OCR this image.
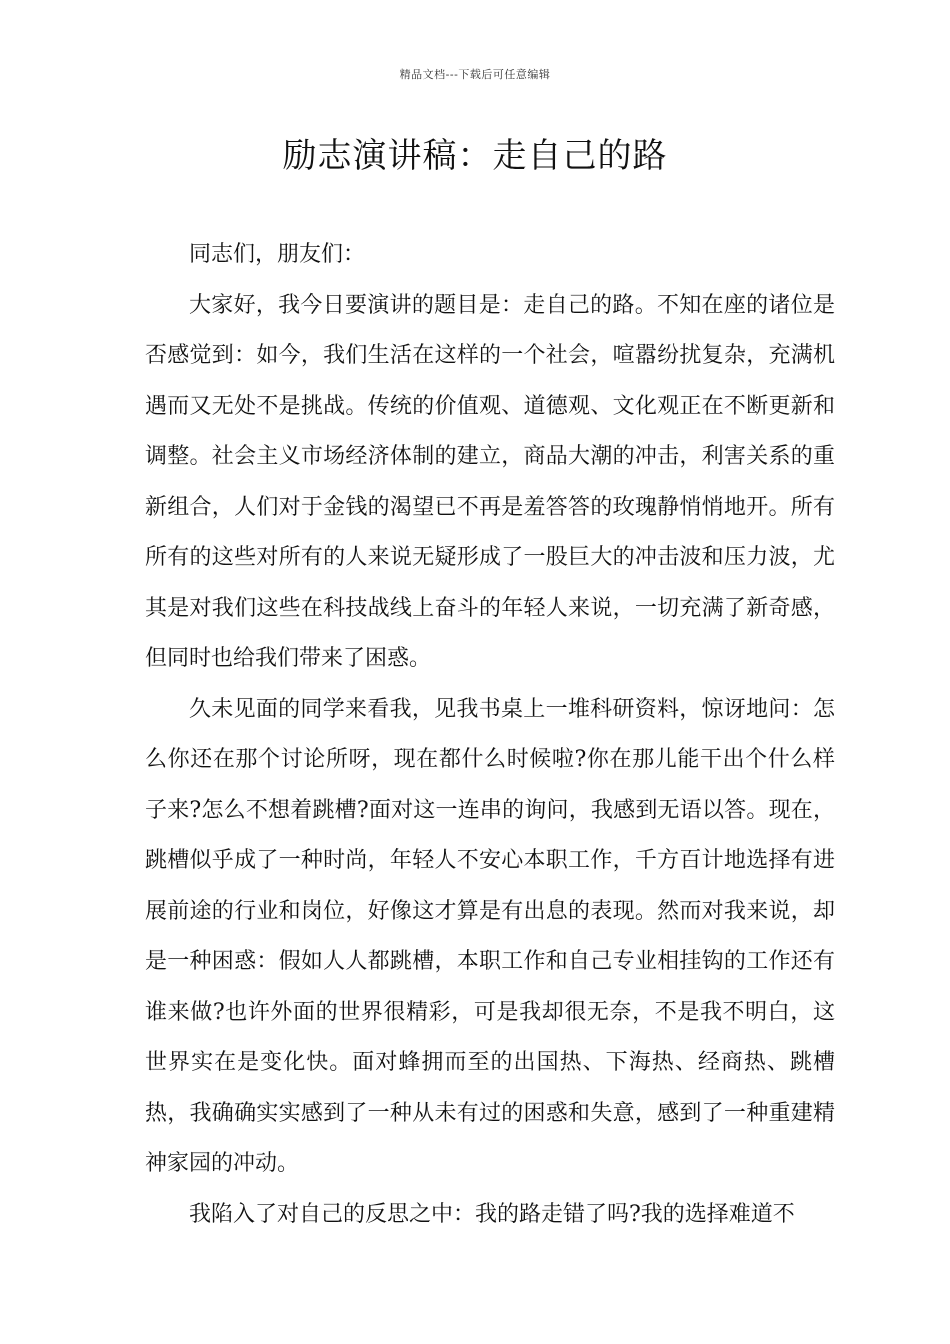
精品文档---下载后可任意编辑
励志演讲稿：走自己的路

同志们，朋友们：

大家好，我今日要演讲的题目是：走自己的路。不知在座的诸位是否感觉到：如今，我们生活在这样的一个社会，喧嚣纷扰复杂，充满机遇而又无处不是挑战。传统的价值观、道德观、文化观正在不断更新和调整。社会主义市场经济体制的建立，商品大潮的冲击，利害关系的重新组合，人们对于金钱的渴望已不再是羞答答的玫瑰静悄悄地开。所有所有的这些对所有的人来说无疑形成了一股巨大的冲击波和压力波，尤其是对我们这些在科技战线上奋斗的年轻人来说，一切充满了新奇感，但同时也给我们带来了困惑。

久未见面的同学来看我，见我书桌上一堆科研资料，惊讶地问：怎么你还在那个讨论所呀，现在都什么时候啦?你在那儿能干出个什么样子来?怎么不想着跳槽?面对这一连串的询问，我感到无语以答。现在，跳槽似乎成了一种时尚，年轻人不安心本职工作，千方百计地选择有进展前途的行业和岗位，好像这才算是有出息的表现。然而对我来说，却是一种困惑：假如人人都跳槽，本职工作和自己专业相挂钩的工作还有谁来做?也许外面的世界很精彩，可是我却很无奈，不是我不明白，这世界实在是变化快。面对蜂拥而至的出国热、下海热、经商热、跳槽热，我确确实实感到了一种从未有过的困惑和失意，感到了一种重建精神家园的冲动。

我陷入了对自己的反思之中：我的路走错了吗?我的选择难道不
